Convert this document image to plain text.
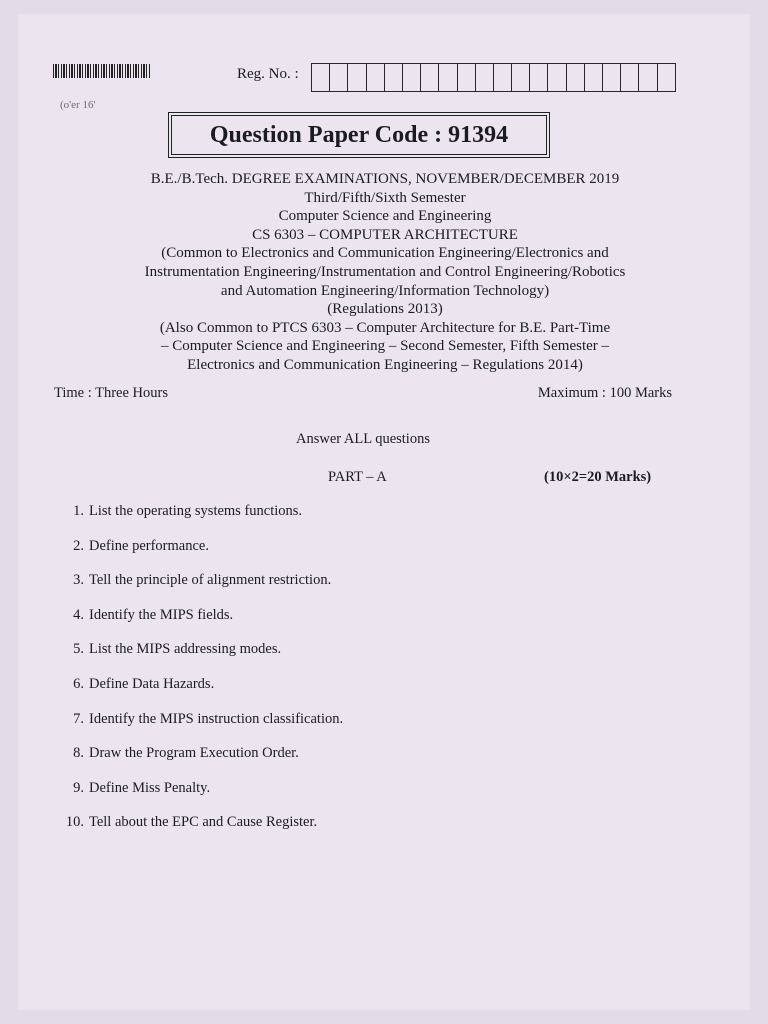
(o'er 16'
Reg. No. :
Question Paper Code : 91394
B.E./B.Tech. DEGREE EXAMINATIONS, NOVEMBER/DECEMBER 2019
Third/Fifth/Sixth Semester
Computer Science and Engineering
CS 6303 – COMPUTER ARCHITECTURE
(Common to Electronics and Communication Engineering/Electronics and
Instrumentation Engineering/Instrumentation and Control Engineering/Robotics
and Automation Engineering/Information Technology)
(Regulations 2013)
(Also Common to PTCS 6303 – Computer Architecture for B.E. Part-Time
– Computer Science and Engineering – Second Semester, Fifth Semester –
Electronics and Communication Engineering – Regulations 2014)
Time : Three Hours	Maximum : 100 Marks
Answer ALL questions
PART – A	(10×2=20 Marks)
1. List the operating systems functions.
2. Define performance.
3. Tell the principle of alignment restriction.
4. Identify the MIPS fields.
5. List the MIPS addressing modes.
6. Define Data Hazards.
7. Identify the MIPS instruction classification.
8. Draw the Program Execution Order.
9. Define Miss Penalty.
10. Tell about the EPC and Cause Register.
